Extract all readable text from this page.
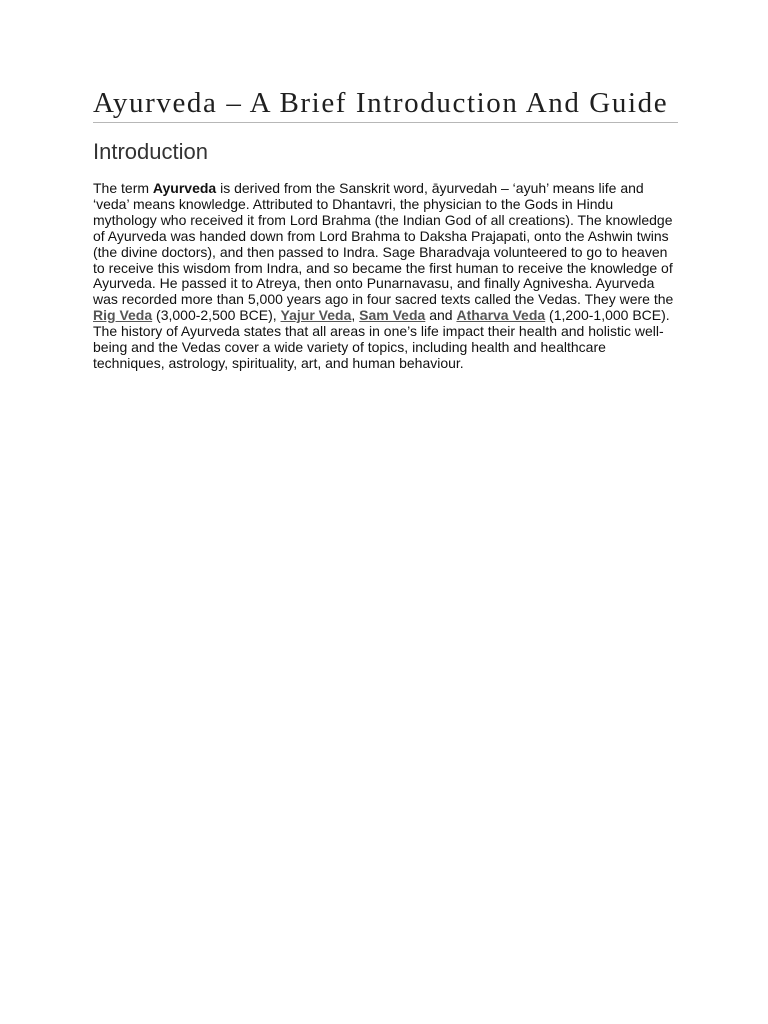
Ayurveda – A Brief Introduction And Guide
Introduction

The term Ayurveda is derived from the Sanskrit word, āyurvedah – ‘ayuh’ means life and ‘veda’ means knowledge. Attributed to Dhantavri, the physician to the Gods in Hindu mythology who received it from Lord Brahma (the Indian God of all creations). The knowledge of Ayurveda was handed down from Lord Brahma to Daksha Prajapati, onto the Ashwin twins (the divine doctors), and then passed to Indra. Sage Bharadvaja volunteered to go to heaven to receive this wisdom from Indra, and so became the first human to receive the knowledge of Ayurveda. He passed it to Atreya, then onto Punarnavasu, and finally Agnivesha. Ayurveda was recorded more than 5,000 years ago in four sacred texts called the Vedas. They were the Rig Veda (3,000-2,500 BCE), Yajur Veda, Sam Veda and Atharva Veda (1,200-1,000 BCE). The history of Ayurveda states that all areas in one’s life impact their health and holistic well-being and the Vedas cover a wide variety of topics, including health and healthcare techniques, astrology, spirituality, art, and human behaviour.
